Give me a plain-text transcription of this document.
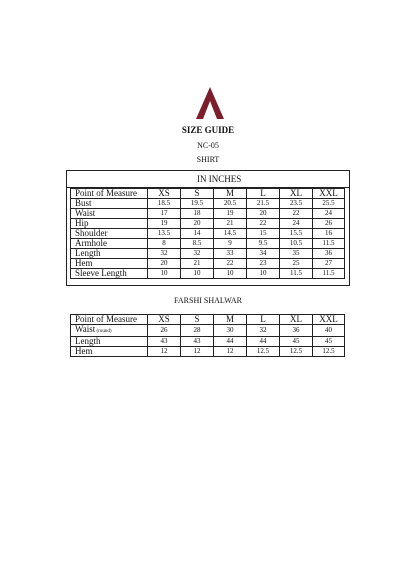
SIZE GUIDE
NC-05
SHIRT
IN INCHES
Point of Measure	XS	S	M	L	XL	XXL
Bust	18.5	19.5	20.5	21.5	23.5	25.5
Waist	17	18	19	20	22	24
Hip	19	20	21	22	24	26
Shoulder	13.5	14	14.5	15	15.5	16
Armhole	8	8.5	9	9.5	10.5	11.5
Length	32	32	33	34	35	36
Hem	20	21	22	23	25	27
Sleeve Length	10	10	10	10	11.5	11.5
FARSHI SHALWAR
Point of Measure	XS	S	M	L	XL	XXL
Waist (round)	26	28	30	32	36	40
Length	43	43	44	44	45	45
Hem	12	12	12	12.5	12.5	12.5
